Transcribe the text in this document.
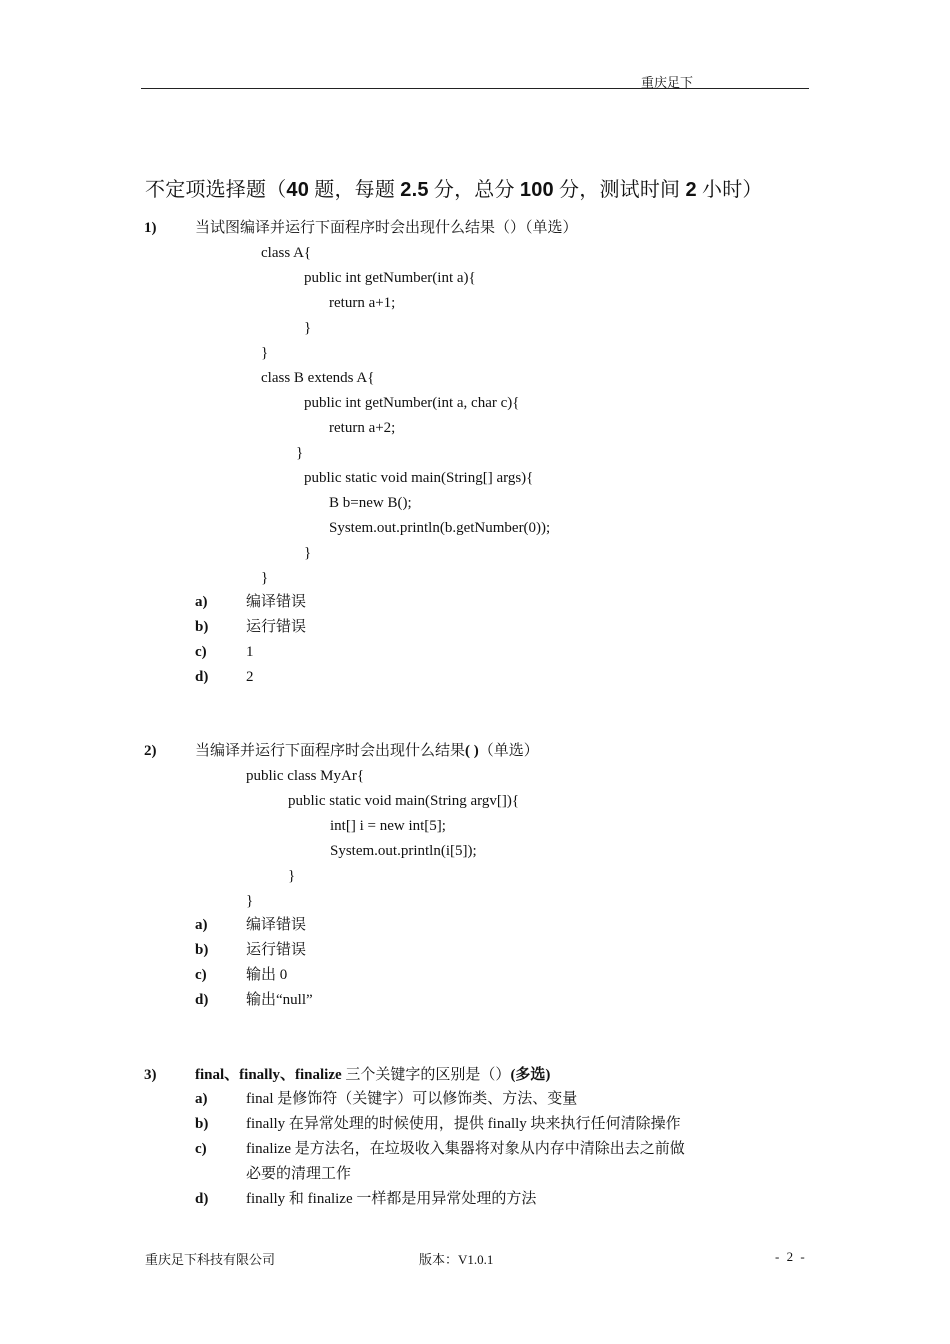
重庆足下
不定项选择题（40 题，每题 2.5 分，总分 100 分，测试时间 2 小时）
1)	当试图编译并运行下面程序时会出现什么结果（）（单选）
class A{
public int getNumber(int a){
return a+1;
}
}
class B extends A{
public int getNumber(int a, char c){
return a+2;
}
public static void main(String[] args){
B b=new B();
System.out.println(b.getNumber(0));
}
}
a)	编译错误
b)	运行错误
c)	1
d)	2
2)	当编译并运行下面程序时会出现什么结果( )（单选）
public class MyAr{
public static void main(String argv[]){
int[] i = new int[5];
System.out.println(i[5]);
}
}
a)	编译错误
b)	运行错误
c)	输出 0
d)	输出“null”
3)	final、finally、finalize 三个关键字的区别是（）(多选)
a)	final 是修饰符（关键字）可以修饰类、方法、变量
b)	finally 在异常处理的时候使用，提供 finally 块来执行任何清除操作
c)	finalize 是方法名，在垃圾收入集器将对象从内存中清除出去之前做
必要的清理工作
d)	finally 和 finalize 一样都是用异常处理的方法
重庆足下科技有限公司	版本：V1.0.1	- 2 -
